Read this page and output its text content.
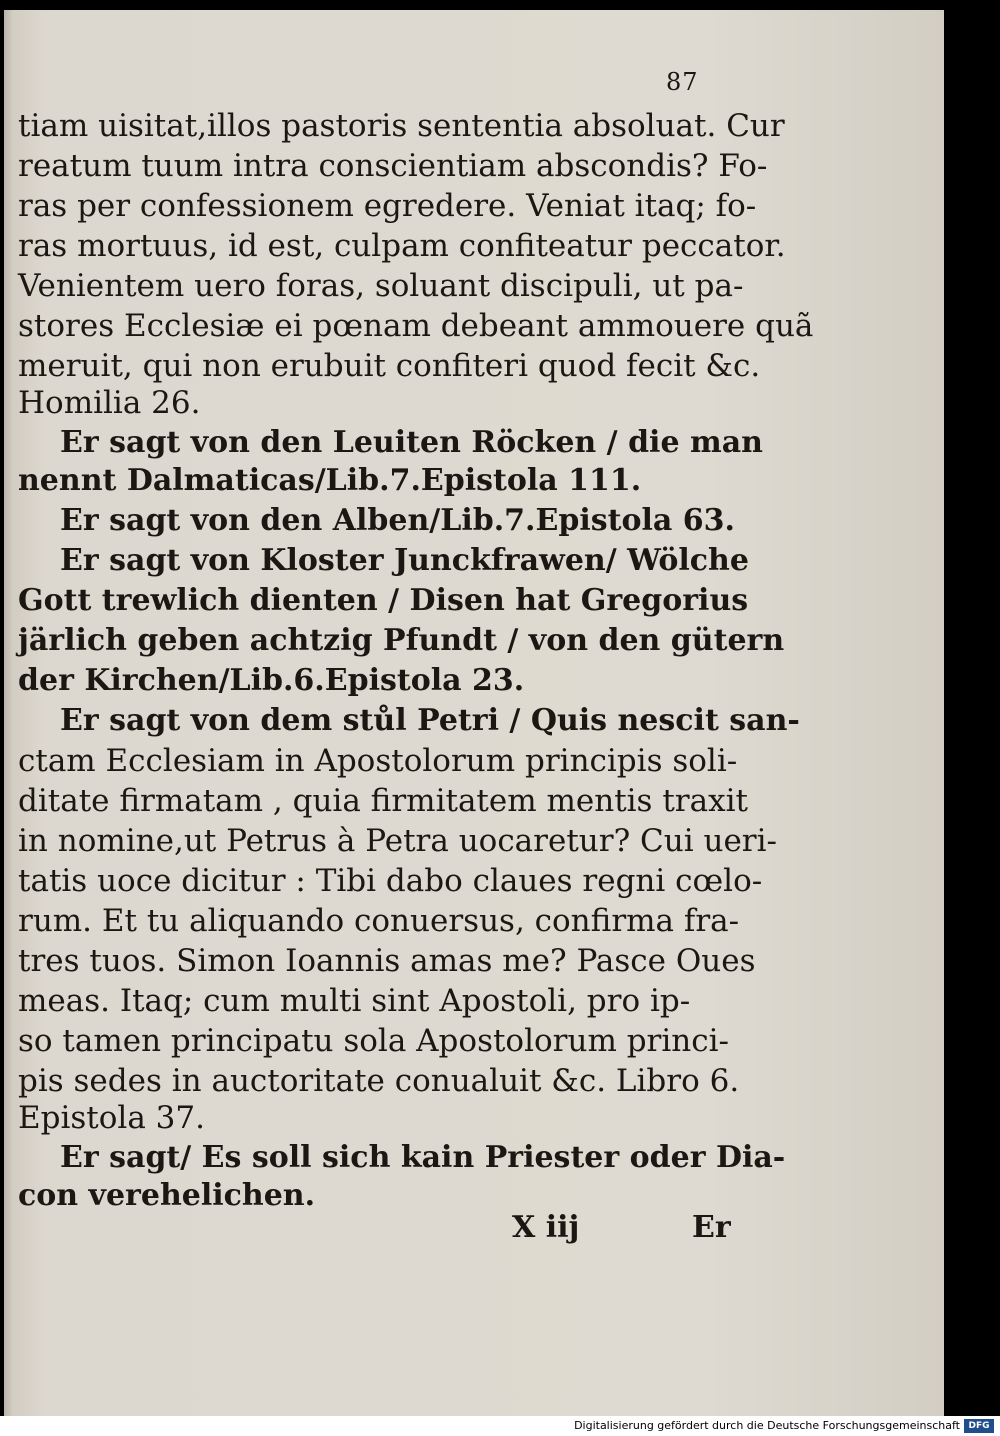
87
tiam uisitat,illos pastoris sententia absoluat. Cur
reatum tuum intra conscientiam abscondis? Fo-
ras per confessionem egredere. Veniat itaq; fo-
ras mortuus, id est, culpam confiteatur peccator.
Venientem uero foras, soluant discipuli, ut pa-
stores Ecclesiæ ei pœnam debeant ammouere quã
meruit, qui non erubuit confiteri quod fecit &c.
Homilia 26.
Er sagt von den Leuiten Röcken / die man
nennt Dalmaticas/Lib.7.Epistola 111.
Er sagt von den Alben/Lib.7.Epistola 63.
Er sagt von Kloster Junckfrawen/ Wölche
Gott trewlich dienten / Disen hat Gregorius
järlich geben achtzig Pfundt / von den gütern
der Kirchen/Lib.6.Epistola 23.
Er sagt von dem stůl Petri / Quis nescit san-
ctam Ecclesiam in Apostolorum principis soli-
ditate firmatam , quia firmitatem mentis traxit
in nomine,ut Petrus à Petra uocaretur? Cui ueri-
tatis uoce dicitur : Tibi dabo claues regni cœlo-
rum. Et tu aliquando conuersus, confirma fra-
tres tuos. Simon Ioannis amas me? Pasce Oues
meas. Itaq; cum multi sint Apostoli, pro ip-
so tamen principatu sola Apostolorum princi-
pis sedes in auctoritate conualuit &c. Libro 6.
Epistola 37.
Er sagt/ Es soll sich kain Priester oder Dia-
con verehelichen.
X iij	Er
Digitalisierung gefördert durch die Deutsche Forschungsgemeinschaft DFG
